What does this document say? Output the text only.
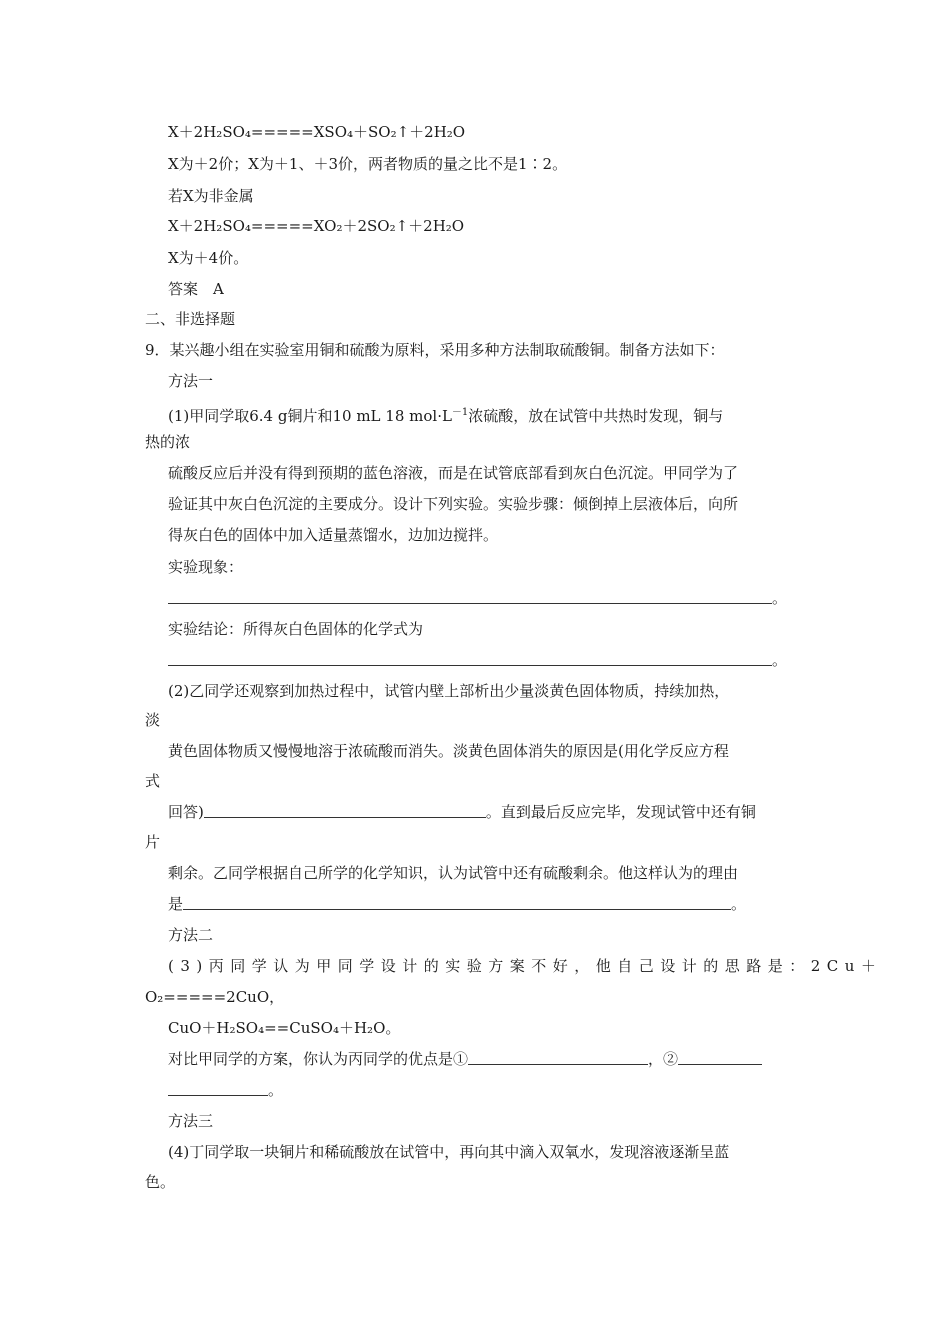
X＋2H₂SO₄=====XSO₄＋SO₂↑＋2H₂O
X为＋2价；X为＋1、＋3价，两者物质的量之比不是1∶2。
若X为非金属
X＋2H₂SO₄=====XO₂＋2SO₂↑＋2H₂O
X为＋4价。
答案　A
二、非选择题
9．某兴趣小组在实验室用铜和硫酸为原料，采用多种方法制取硫酸铜。制备方法如下：
方法一
(1)甲同学取6.4 g铜片和10 mL 18 $mol\cdot L^{-1}$浓硫酸，放在试管中共热时发现，铜与
热的浓
硫酸反应后并没有得到预期的蓝色溶液，而是在试管底部看到灰白色沉淀。甲同学为了
验证其中灰白色沉淀的主要成分。设计下列实验。实验步骤：倾倒掉上层液体后，向所
得灰白色的固体中加入适量蒸馏水，边加边搅拌。
实验现象：
。
实验结论：所得灰白色固体的化学式为
。
(2)乙同学还观察到加热过程中，试管内壁上部析出少量淡黄色固体物质，持续加热，
淡
黄色固体物质又慢慢地溶于浓硫酸而消失。淡黄色固体消失的原因是(用化学反应方程
式
回答)	。直到最后反应完毕，发现试管中还有铜
片
剩余。乙同学根据自己所学的化学知识，认为试管中还有硫酸剩余。他这样认为的理由
是	。
方法二
(3)丙同学认为甲同学设计的实验方案不好，他自己设计的思路是：2Cu＋
O₂=====2CuO，
CuO＋H₂SO₄==CuSO₄＋H₂O。
对比甲同学的方案，你认为丙同学的优点是①	，②
。
方法三
(4)丁同学取一块铜片和稀硫酸放在试管中，再向其中滴入双氧水，发现溶液逐渐呈蓝
色。
